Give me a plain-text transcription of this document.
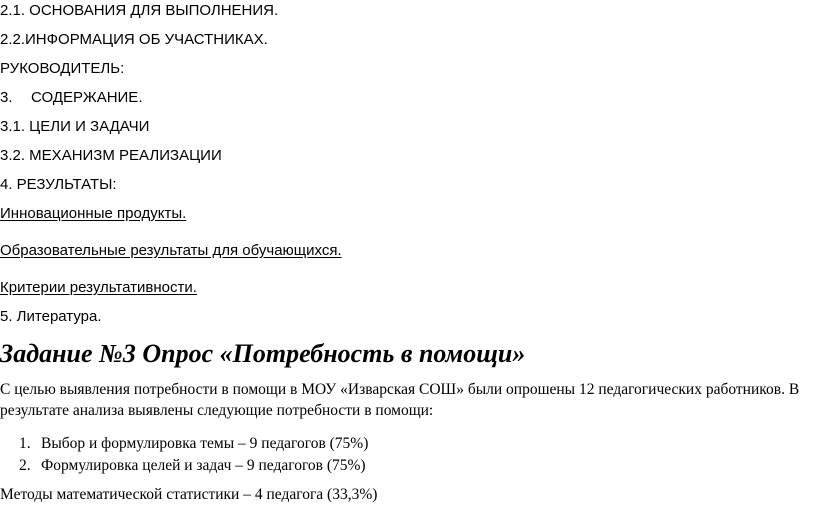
2.1. ОСНОВАНИЯ ДЛЯ ВЫПОЛНЕНИЯ.
2.2.ИНФОРМАЦИЯ ОБ УЧАСТНИКАХ.
РУКОВОДИТЕЛЬ:
3. СОДЕРЖАНИЕ.
3.1. ЦЕЛИ И ЗАДАЧИ
3.2. МЕХАНИЗМ РЕАЛИЗАЦИИ
4. РЕЗУЛЬТАТЫ:
Инновационные продукты.
Образовательные результаты для обучающихся.
Критерии результативности.
5. Литература.
Задание №3 Опрос «Потребность в помощи»
С целью выявления потребности в помощи в МОУ «Изварская СОШ» были опрошены 12 педагогических работников. В результате анализа выявлены следующие потребности в помощи:
1. Выбор и формулировка темы – 9 педагогов (75%)
2. Формулировка целей и задач – 9 педагогов (75%)
Методы математической статистики – 4 педагога (33,3%)
